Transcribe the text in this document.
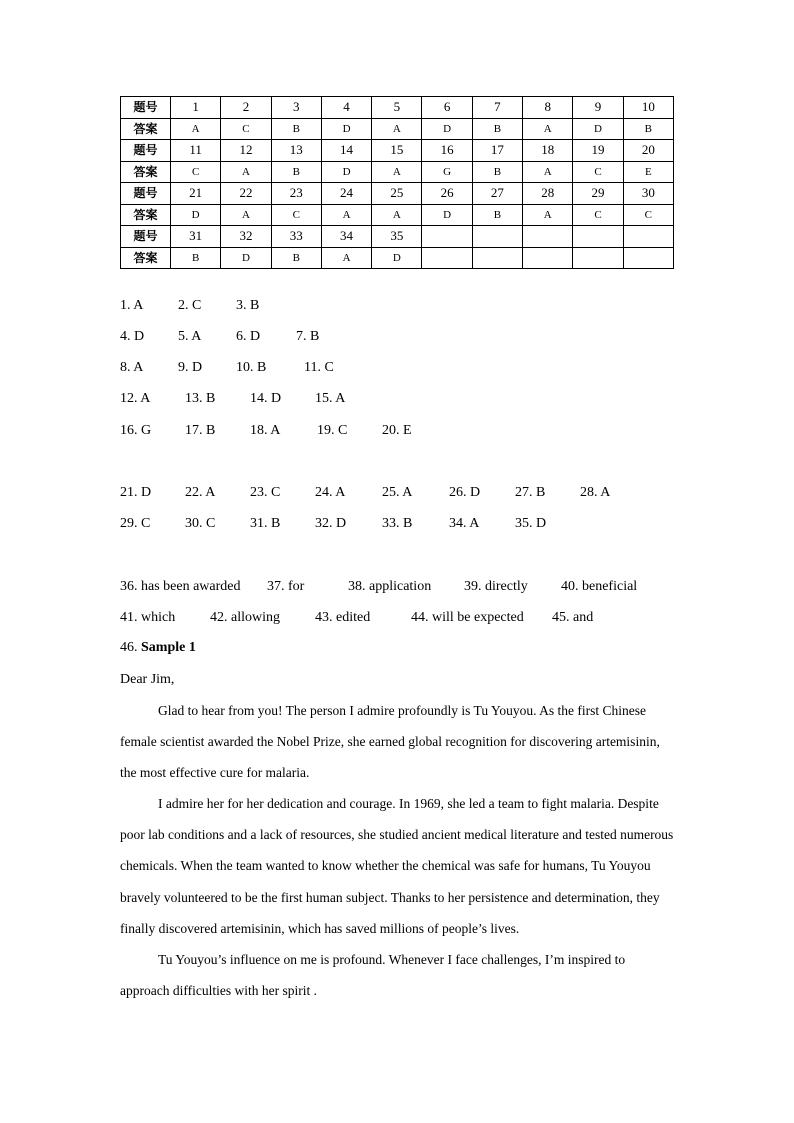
题号	1	2	3	4	5	6	7	8	9	10
答案	A	C	B	D	A	D	B	A	D	B
题号	11	12	13	14	15	16	17	18	19	20
答案	C	A	B	D	A	G	B	A	C	E
题号	21	22	23	24	25	26	27	28	29	30
答案	D	A	C	A	A	D	B	A	C	C
题号	31	32	33	34	35					
答案	B	D	B	A	D					
1. A 2. C 3. B
4. D 5. A 6. D	7. B
8. A 9. D 10. B	11. C
12. A 13. B 14. D 15. A
16. G 17. B 18. A	19. C 20. E
21. D 22. A 23. C 24. A	25. A	26. D 27. B 28. A
29. C 30. C 31. B 32. D	33. B	34. A	35. D
36. has been awarded 37. for	38. application 39. directly 40. beneficial
41. which 42. allowing	43. edited	44. will be expected 45. and
46. Sample 1
Dear Jim,
Glad to hear from you! The person I admire profoundly is Tu Youyou. As the first Chinese female scientist awarded the Nobel Prize, she earned global recognition for discovering artemisinin, the most effective cure for malaria.
I admire her for her dedication and courage. In 1969, she led a team to fight malaria. Despite poor lab conditions and a lack of resources, she studied ancient medical literature and tested numerous chemicals. When the team wanted to know whether the chemical was safe for humans, Tu Youyou bravely volunteered to be the first human subject. Thanks to her persistence and determination, they finally discovered artemisinin, which has saved millions of people’s lives.
Tu Youyou’s influence on me is profound. Whenever I face challenges, I’m inspired to approach difficulties with her spirit .
